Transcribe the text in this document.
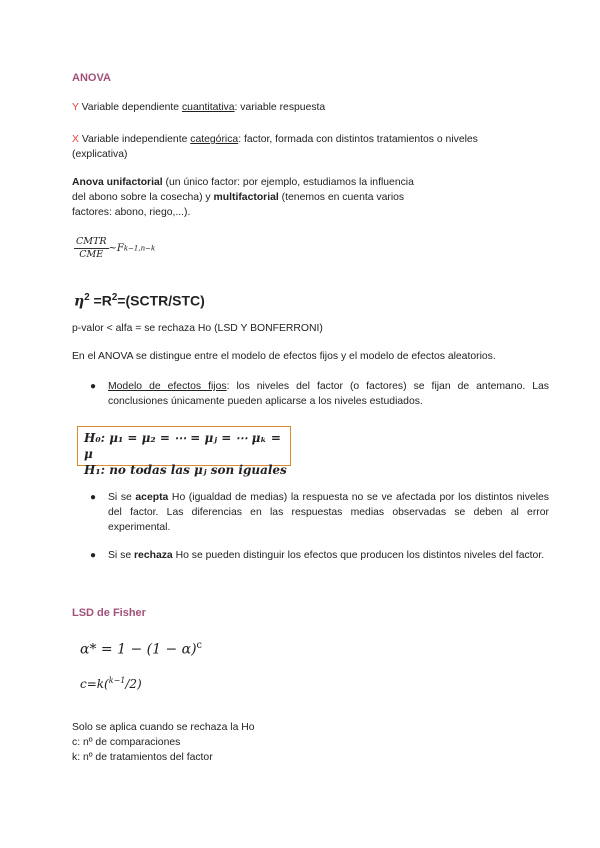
ANOVA
Y Variable dependiente cuantitativa: variable respuesta
X Variable independiente categórica: factor, formada con distintos tratamientos o niveles
(explicativa)
Anova unifactorial (un único factor: por ejemplo, estudiamos la influencia
del abono sobre la cosecha) y multifactorial (tenemos en cuenta varios
factores: abono, riego,...).
$\frac{\text{CMTR}}{\text{CME}}$ ~Fk−1,n−k
$\eta^2$ $=R^2=(SCTR/STC)$
p-valor < alfa = se rechaza Ho (LSD Y BONFERRONI)
En el ANOVA se distingue entre el modelo de efectos fijos y el modelo de efectos aleatorios.
● Modelo de efectos fijos: los niveles del factor (o factores) se fijan de antemano. Las conclusiones únicamente pueden aplicarse a los niveles estudiados.
H₀: μ₁ = μ₂ = ⋯ = μⱼ = ⋯ μₖ = μ
H₁: no todas las μⱼ son iguales
● Si se acepta Ho (igualdad de medias) la respuesta no se ve afectada por los distintos niveles del factor. Las diferencias en las respuestas medias observadas se deben al error experimental.
● Si se rechaza Ho se pueden distinguir los efectos que producen los distintos niveles del factor.
LSD de Fisher
$\alpha* = 1 - (1 - \alpha)^c$
c=k($^{k-1}$/2)
Solo se aplica cuando se rechaza la Ho
c: nº de comparaciones
k: nº de tratamientos del factor
